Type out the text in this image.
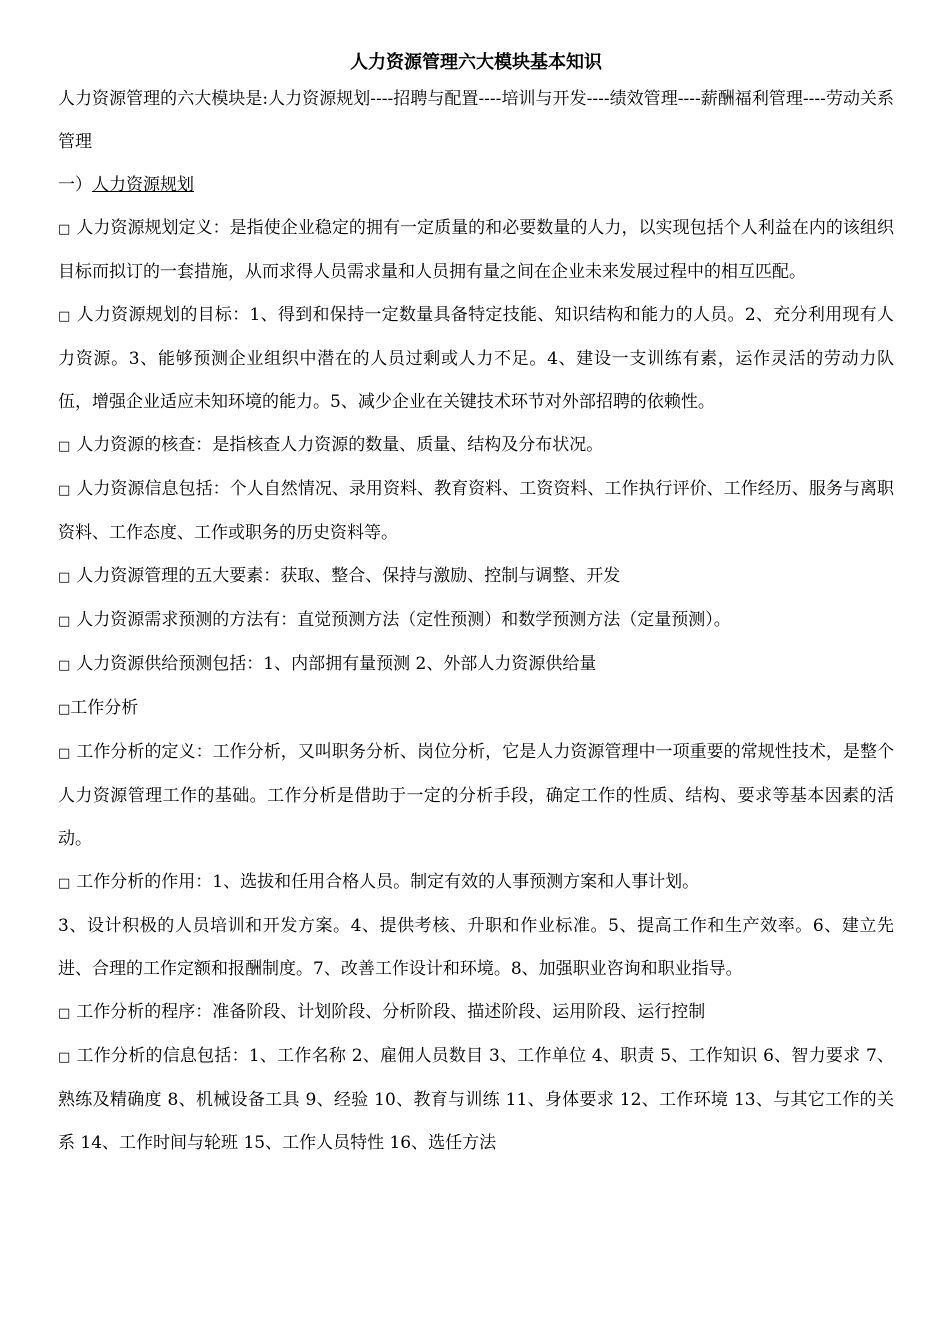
人力资源管理六大模块基本知识

人力资源管理的六大模块是:人力资源规划----招聘与配置----培训与开发----绩效管理----薪酬福利管理----劳动关系管理

一）人力资源规划

□ 人力资源规划定义：是指使企业稳定的拥有一定质量的和必要数量的人力，以实现包括个人利益在内的该组织目标而拟订的一套措施，从而求得人员需求量和人员拥有量之间在企业未来发展过程中的相互匹配。

□ 人力资源规划的目标：1、得到和保持一定数量具备特定技能、知识结构和能力的人员。2、充分利用现有人力资源。3、能够预测企业组织中潜在的人员过剩或人力不足。4、建设一支训练有素，运作灵活的劳动力队伍，增强企业适应未知环境的能力。5、减少企业在关键技术环节对外部招聘的依赖性。

□ 人力资源的核查：是指核查人力资源的数量、质量、结构及分布状况。

□ 人力资源信息包括：个人自然情况、录用资料、教育资料、工资资料、工作执行评价、工作经历、服务与离职资料、工作态度、工作或职务的历史资料等。

□ 人力资源管理的五大要素：获取、整合、保持与激励、控制与调整、开发

□ 人力资源需求预测的方法有：直觉预测方法（定性预测）和数学预测方法（定量预测）。

□ 人力资源供给预测包括：1、内部拥有量预测 2、外部人力资源供给量

□工作分析

□ 工作分析的定义：工作分析，又叫职务分析、岗位分析，它是人力资源管理中一项重要的常规性技术，是整个人力资源管理工作的基础。工作分析是借助于一定的分析手段，确定工作的性质、结构、要求等基本因素的活动。

□ 工作分析的作用：1、选拔和任用合格人员。制定有效的人事预测方案和人事计划。

3、设计积极的人员培训和开发方案。4、提供考核、升职和作业标准。5、提高工作和生产效率。6、建立先进、合理的工作定额和报酬制度。7、改善工作设计和环境。8、加强职业咨询和职业指导。

□ 工作分析的程序：准备阶段、计划阶段、分析阶段、描述阶段、运用阶段、运行控制

□ 工作分析的信息包括：1、工作名称 2、雇佣人员数目 3、工作单位 4、职责 5、工作知识 6、智力要求 7、熟练及精确度 8、机械设备工具 9、经验 10、教育与训练 11、身体要求 12、工作环境 13、与其它工作的关系 14、工作时间与轮班 15、工作人员特性 16、选任方法
